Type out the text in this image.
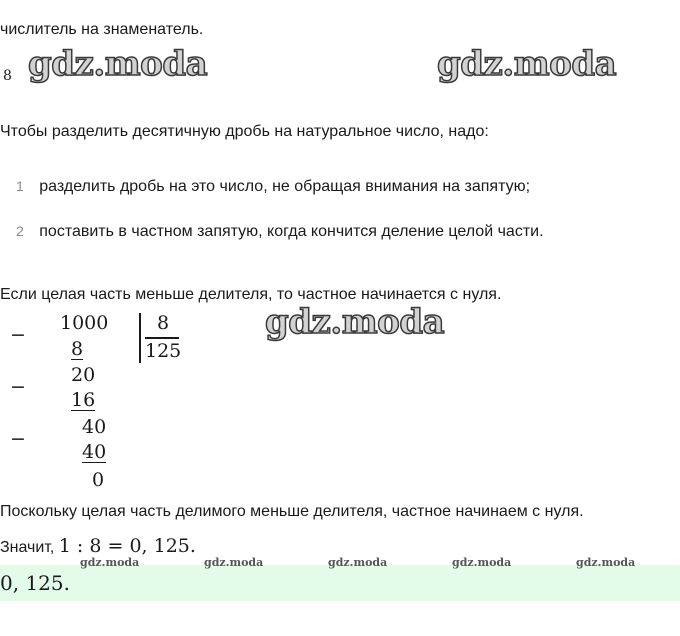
числитель на знаменатель.
8 gdz.moda	gdz.moda
Чтобы разделить десятичную дробь на натуральное число, надо:
1 разделить дробь на это число, не обращая внимания на запятую;
2 поставить в частном запятую, когда кончится деление целой части.
Если целая часть меньше делителя, то частное начинается с нуля.
−
−
−
1000
8
20
16
40
40
0
8
125
gdz.moda
Поскольку целая часть делимого меньше делителя, частное начинаем с нуля.
Значит, 1 : 8 = 0, 125.
gdz.moda	gdz.moda	gdz.moda	gdz.moda	gdz.moda
0, 125.
